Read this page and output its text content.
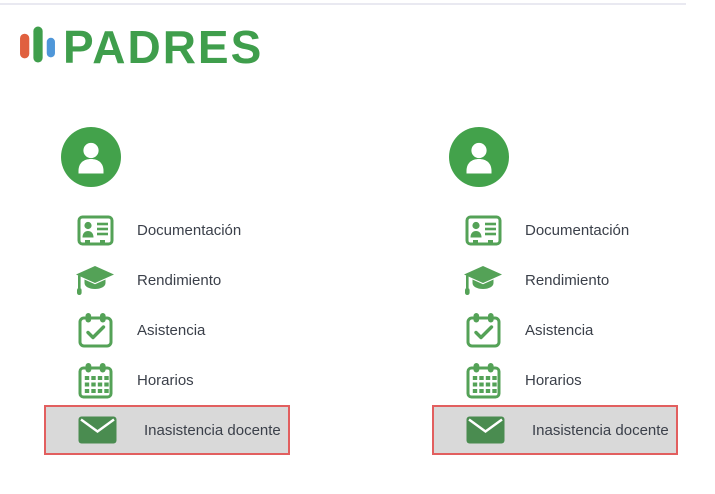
PADRES
Documentación
Rendimiento
Asistencia
Horarios
Inasistencia docente
Documentación
Rendimiento
Asistencia
Horarios
Inasistencia docente
